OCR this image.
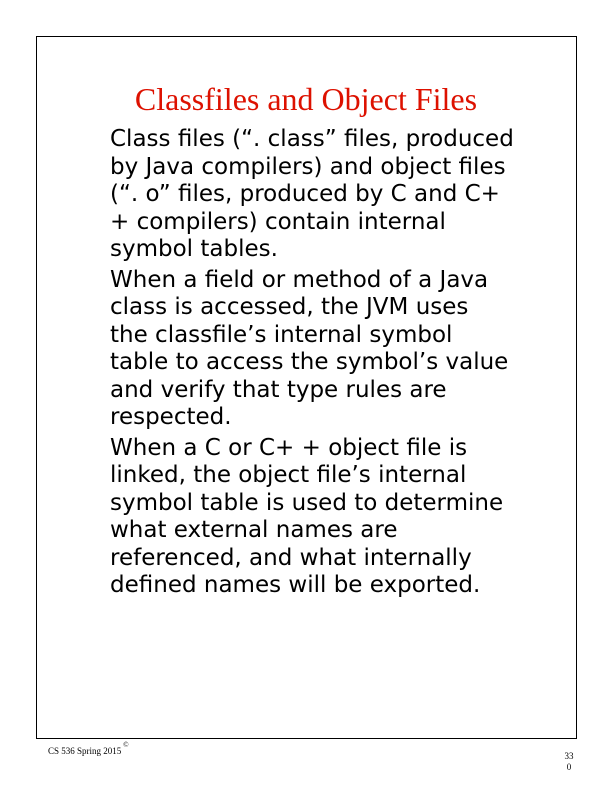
Classfiles and Object Files

Class files (“. class” files, produced
by Java compilers) and object files
(“. o” files, produced by C and C+
+ compilers) contain internal
symbol tables.

When a field or method of a Java
class is accessed, the JVM uses
the classfile’s internal symbol
table to access the symbol’s value
and verify that type rules are
respected.

When a C or C+ + object file is
linked, the object file’s internal
symbol table is used to determine
what external names are
referenced, and what internally
defined names will be exported.

CS 536 Spring 2015©
33
0
